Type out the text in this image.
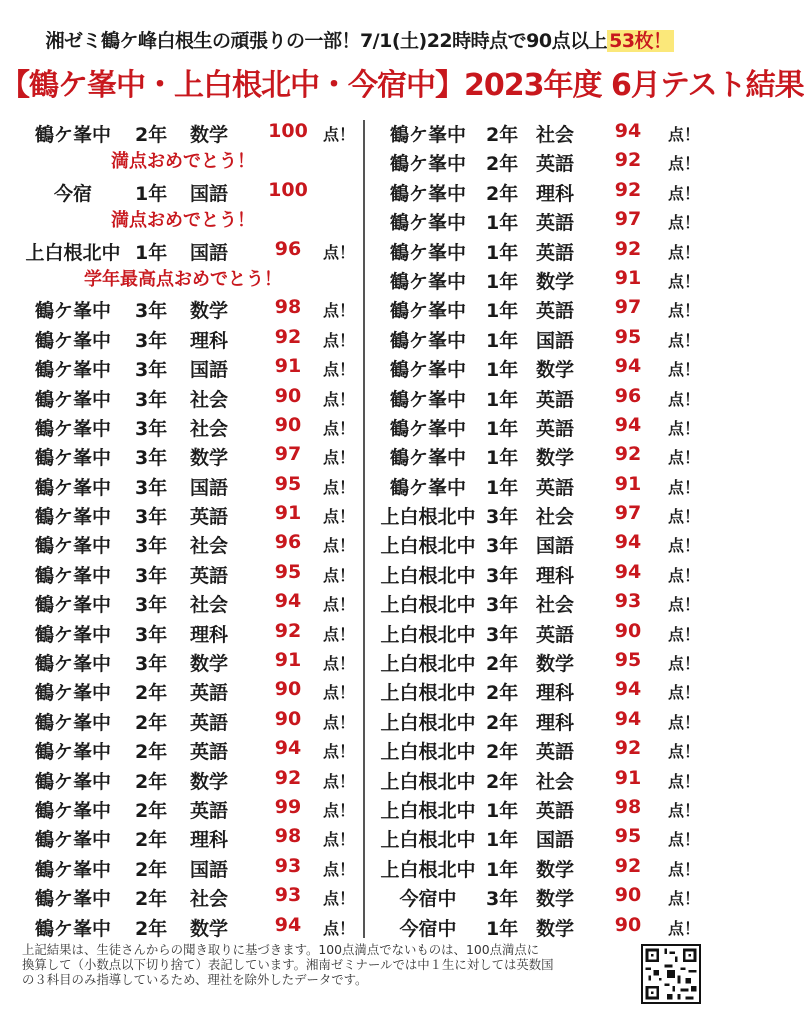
湘ゼミ鶴ケ峰白根生の頑張りの一部！7/1(土)22時時点で90点以上 53枚！
【鶴ケ峯中・上白根北中・今宿中】2023年度 6月テスト結果
鶴ケ峯中	2年 数学 100 点！
満点おめでとう！
今宿	1年 国語 100
満点おめでとう！
上白根北中 1年 国語	96	点！
学年最高点おめでとう！
鶴ケ峯中	3年 数学	98	点！
鶴ケ峯中	3年 理科	92	点！
鶴ケ峯中	3年 国語	91	点！
鶴ケ峯中	3年 社会	90	点！
鶴ケ峯中	3年 社会	90	点！
鶴ケ峯中	3年 数学	97	点！
鶴ケ峯中	3年 国語	95	点！
鶴ケ峯中	3年 英語	91	点！
鶴ケ峯中	3年 社会	96	点！
鶴ケ峯中	3年 英語	95	点！
鶴ケ峯中	3年 社会	94	点！
鶴ケ峯中	3年 理科	92	点！
鶴ケ峯中	3年 数学	91	点！
鶴ケ峯中	2年 英語	90	点！
鶴ケ峯中	2年 英語	90	点！
鶴ケ峯中	2年 英語	94	点！
鶴ケ峯中	2年 数学	92	点！
鶴ケ峯中	2年 英語	99	点！
鶴ケ峯中	2年 理科	98	点！
鶴ケ峯中	2年 国語	93	点！
鶴ケ峯中	2年 社会	93	点！
鶴ケ峯中	2年 数学	94	点！
鶴ケ峯中	2年 社会	94	点！
鶴ケ峯中	2年 英語	92	点！
鶴ケ峯中	2年 理科	92	点！
鶴ケ峯中	1年 英語	97	点！
鶴ケ峯中	1年 英語	92	点！
鶴ケ峯中	1年 数学	91	点！
鶴ケ峯中	1年 英語	97	点！
鶴ケ峯中	1年 国語	95	点！
鶴ケ峯中	1年 数学	94	点！
鶴ケ峯中	1年 英語	96	点！
鶴ケ峯中	1年 英語	94	点！
鶴ケ峯中	1年 数学	92	点！
鶴ケ峯中	1年 英語	91	点！
上白根北中 3年 社会	97	点！
上白根北中 3年 国語	94	点！
上白根北中 3年 理科	94	点！
上白根北中 3年 社会	93	点！
上白根北中 3年 英語	90	点！
上白根北中 2年 数学	95	点！
上白根北中 2年 理科	94	点！
上白根北中 2年 理科	94	点！
上白根北中 2年 英語	92	点！
上白根北中 2年 社会	91	点！
上白根北中 1年 英語	98	点！
上白根北中 1年 国語	95	点！
上白根北中 1年 数学	92	点！
今宿中	3年 数学	90	点！
今宿中	1年 数学	90	点！
上記結果は、生徒さんからの聞き取りに基づきます。100点満点でないものは、100点満点に
換算して（小数点以下切り捨て）表記しています。湘南ゼミナールでは中１生に対しては英数国
の３科目のみ指導しているため、理社を除外したデータです。
